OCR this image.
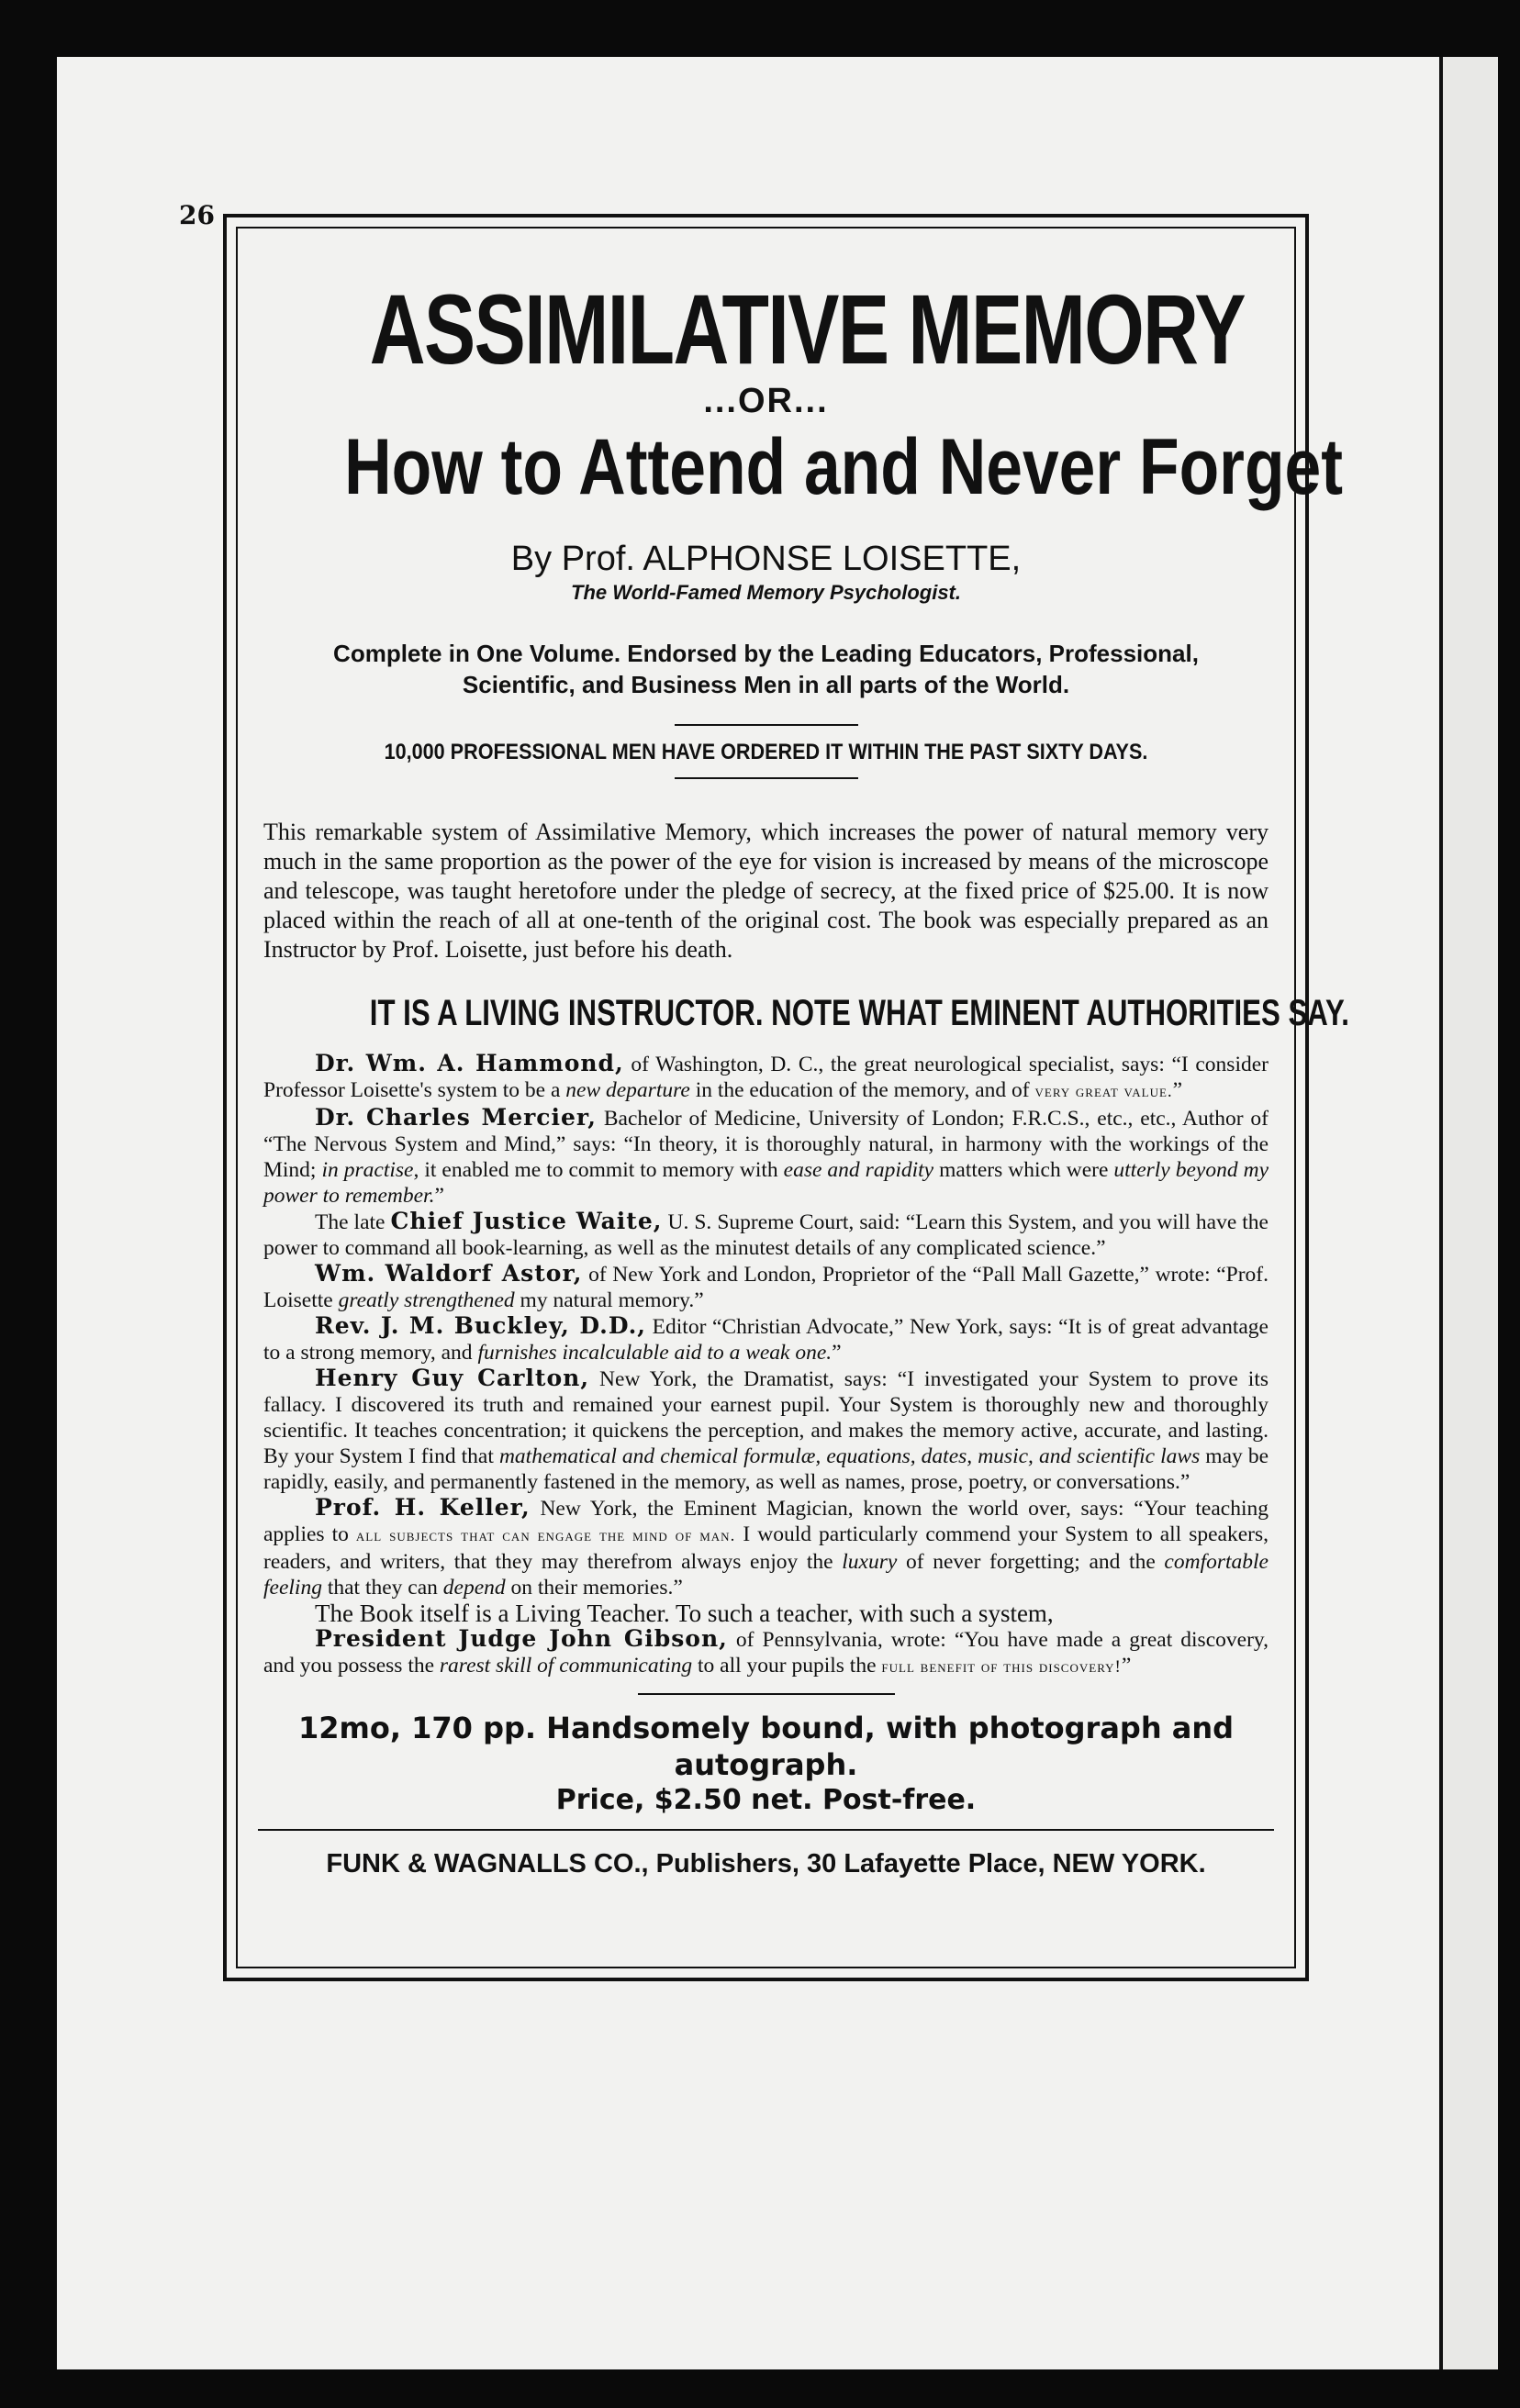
26
ASSIMILATIVE MEMORY
...OR...
How to Attend and Never Forget
By Prof. ALPHONSE LOISETTE,
The World-Famed Memory Psychologist.
Complete in One Volume. Endorsed by the Leading Educators, Professional,
Scientific, and Business Men in all parts of the World.
10,000 PROFESSIONAL MEN HAVE ORDERED IT WITHIN THE PAST SIXTY DAYS.
This remarkable system of Assimilative Memory, which increases the power of natural memory very much in the same proportion as the power of the eye for vision is increased by means of the microscope and telescope, was taught heretofore under the pledge of secrecy, at the fixed price of $25.00. It is now placed within the reach of all at one-tenth of the original cost. The book was especially prepared as an Instructor by Prof. Loisette, just before his death.
IT IS A LIVING INSTRUCTOR. NOTE WHAT EMINENT AUTHORITIES SAY.

Dr. Wm. A. Hammond, of Washington, D. C., the great neurological specialist, says: “I consider Professor Loisette's system to be a new departure in the education of the memory, and of very great value.”

Dr. Charles Mercier, Bachelor of Medicine, University of London; F.R.C.S., etc., etc., Author of “The Nervous System and Mind,” says: “In theory, it is thoroughly natural, in harmony with the workings of the Mind; in practise, it enabled me to commit to memory with ease and rapidity matters which were utterly beyond my power to remember.”

The late Chief Justice Waite, U. S. Supreme Court, said: “Learn this System, and you will have the power to command all book-learning, as well as the minutest details of any complicated science.”

Wm. Waldorf Astor, of New York and London, Proprietor of the “Pall Mall Gazette,” wrote: “Prof. Loisette greatly strengthened my natural memory.”

Rev. J. M. Buckley, D.D., Editor “Christian Advocate,” New York, says: “It is of great advantage to a strong memory, and furnishes incalculable aid to a weak one.”

Henry Guy Carlton, New York, the Dramatist, says: “I investigated your System to prove its fallacy. I discovered its truth and remained your earnest pupil. Your System is thoroughly new and thoroughly scientific. It teaches concentration; it quickens the perception, and makes the memory active, accurate, and lasting. By your System I find that mathematical and chemical formulæ, equations, dates, music, and scientific laws may be rapidly, easily, and permanently fastened in the memory, as well as names, prose, poetry, or conversations.”

Prof. H. Keller, New York, the Eminent Magician, known the world over, says: “Your teaching applies to all subjects that can engage the mind of man. I would particularly commend your System to all speakers, readers, and writers, that they may therefrom always enjoy the luxury of never forgetting; and the comfortable feeling that they can depend on their memories.”

The Book itself is a Living Teacher. To such a teacher, with such a system,

President Judge John Gibson, of Pennsylvania, wrote: “You have made a great discovery, and you possess the rarest skill of communicating to all your pupils the full benefit of this discovery!”

12mo, 170 pp. Handsomely bound, with photograph and autograph.
Price, $2.50 net. Post-free.
FUNK & WAGNALLS CO., Publishers, 30 Lafayette Place, NEW YORK.
